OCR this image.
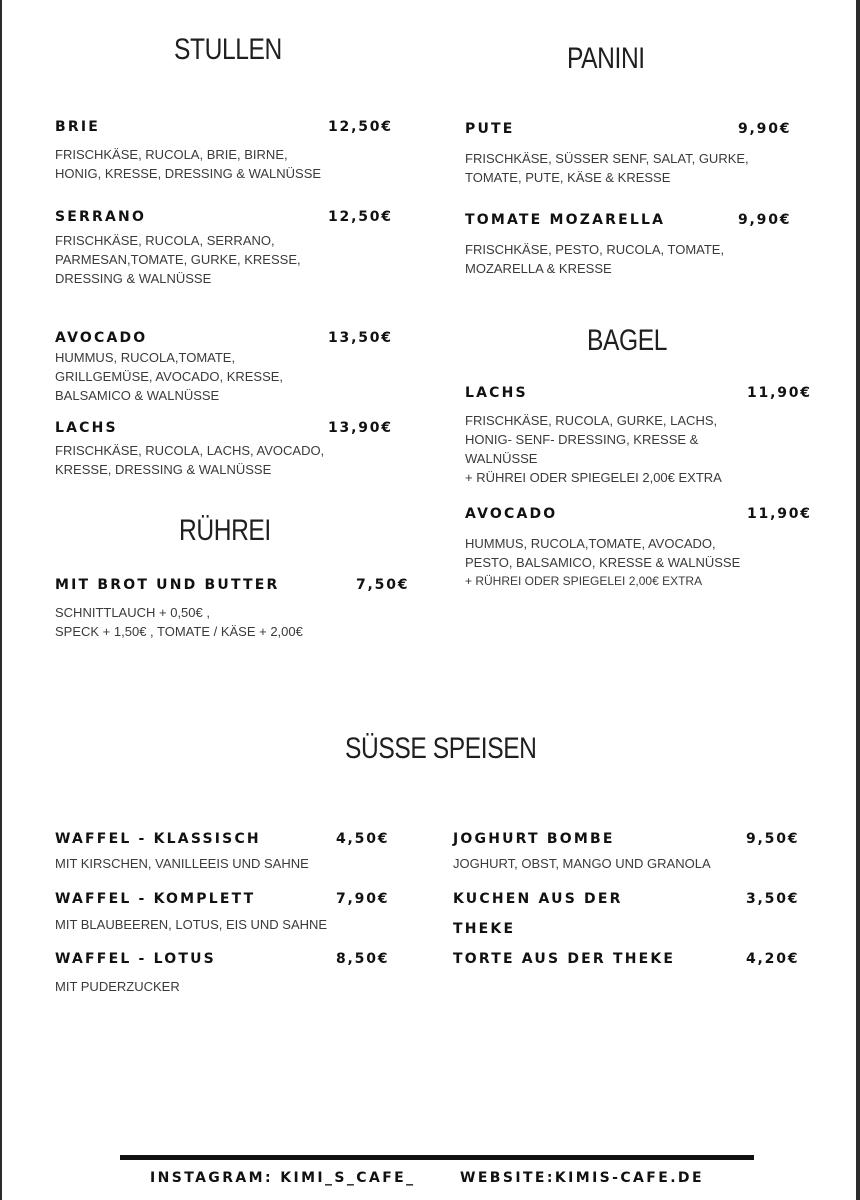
STULLEN	PANINI
BAGEL
RÜHREI
SÜSSE SPEISEN
BRIE	12,50€
FRISCHKÄSE, RUCOLA, BRIE, BIRNE,
HONIG, KRESSE, DRESSING & WALNÜSSE
SERRANO	12,50€
FRISCHKÄSE, RUCOLA, SERRANO,
PARMESAN,TOMATE, GURKE, KRESSE,
DRESSING & WALNÜSSE
AVOCADO	13,50€
HUMMUS, RUCOLA,TOMATE,
GRILLGEMÜSE, AVOCADO, KRESSE,
BALSAMICO & WALNÜSSE
LACHS	13,90€
FRISCHKÄSE, RUCOLA, LACHS, AVOCADO,
KRESSE, DRESSING & WALNÜSSE
MIT BROT UND BUTTER	7,50€
SCHNITTLAUCH + 0,50€ ,
SPECK + 1,50€ , TOMATE / KÄSE + 2,00€
PUTE	9,90€
FRISCHKÄSE, SÜSSER SENF, SALAT, GURKE,
TOMATE, PUTE, KÄSE & KRESSE
TOMATE MOZARELLA	9,90€
FRISCHKÄSE, PESTO, RUCOLA, TOMATE,
MOZARELLA & KRESSE
LACHS	11,90€
FRISCHKÄSE, RUCOLA, GURKE, LACHS,
HONIG- SENF- DRESSING, KRESSE &
WALNÜSSE
+ RÜHREI ODER SPIEGELEI 2,00€ EXTRA
AVOCADO	11,90€
HUMMUS, RUCOLA,TOMATE, AVOCADO,
PESTO, BALSAMICO, KRESSE & WALNÜSSE
+ RÜHREI ODER SPIEGELEI 2,00€ EXTRA
WAFFEL - KLASSISCH	4,50€
MIT KIRSCHEN, VANILLEEIS UND SAHNE
WAFFEL - KOMPLETT	7,90€
MIT BLAUBEEREN, LOTUS, EIS UND SAHNE
WAFFEL - LOTUS	8,50€
MIT PUDERZUCKER
JOGHURT BOMBE	9,50€
JOGHURT, OBST, MANGO UND GRANOLA
KUCHEN AUS DER
THEKE
3,50€
TORTE AUS DER THEKE	4,20€
INSTAGRAM: KIMI_S_CAFE_	WEBSITE:KIMIS-CAFE.DE
